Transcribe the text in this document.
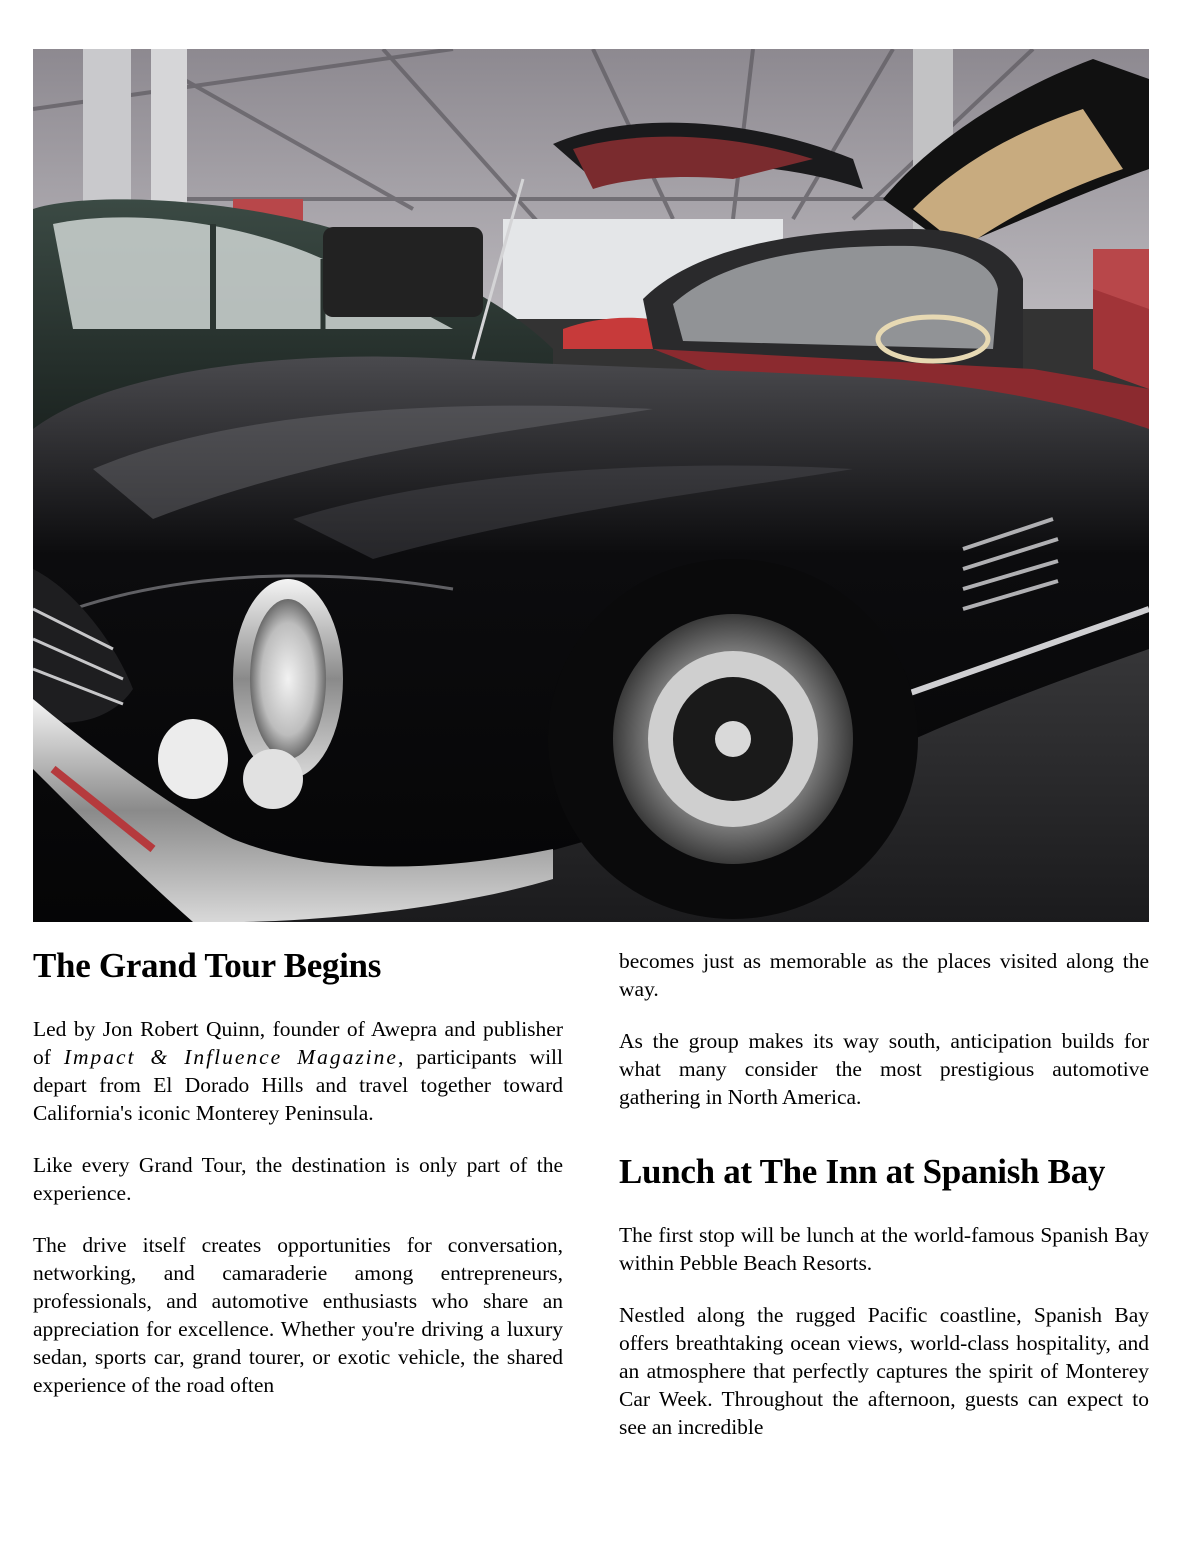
The Grand Tour Begins

Led by Jon Robert Quinn, founder of Awepra and publisher of Impact & Influence Magazine, participants will depart from El Dorado Hills and travel together toward California's iconic Monterey Peninsula.

Like every Grand Tour, the destination is only part of the experience.

The drive itself creates opportunities for conversation, networking, and camaraderie among entrepreneurs, professionals, and automotive enthusiasts who share an appreciation for excellence. Whether you're driving a luxury sedan, sports car, grand tourer, or exotic vehicle, the shared experience of the road often

becomes just as memorable as the places visited along the way.

As the group makes its way south, anticipation builds for what many consider the most prestigious automotive gathering in North America.

Lunch at The Inn at Spanish Bay

The first stop will be lunch at the world-famous Spanish Bay within Pebble Beach Resorts.

Nestled along the rugged Pacific coastline, Spanish Bay offers breathtaking ocean views, world-class hospitality, and an atmosphere that perfectly captures the spirit of Monterey Car Week. Throughout the afternoon, guests can expect to see an incredible
